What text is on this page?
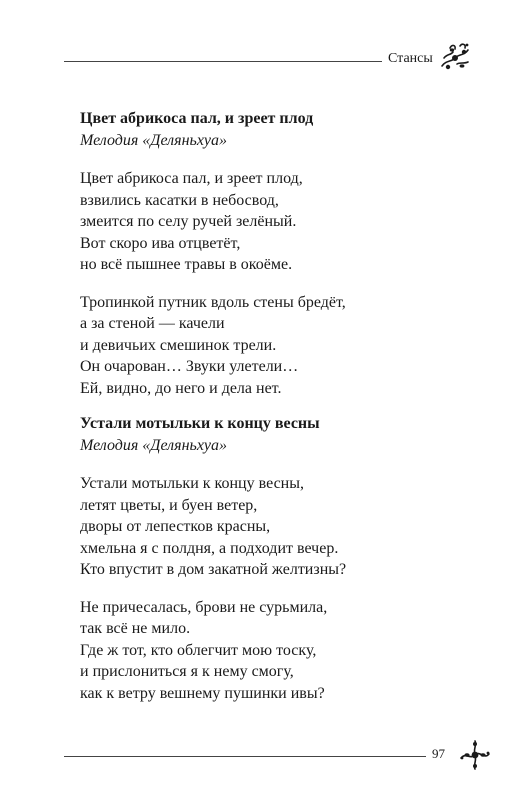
Стансы

Цвет абрикоса пал, и зреет плод

Мелодия «Деляньхуа»

Цвет абрикоса пал, и зреет плод,
взвились касатки в небосвод,
змеится по селу ручей зелёный.
Вот скоро ива отцветёт,
но всё пышнее травы в окоёме.
Тропинкой путник вдоль стены бредёт,
а за стеной — качели
и девичьих смешинок трели.
Он очарован… Звуки улетели…
Ей, видно, до него и дела нет.

Устали мотыльки к концу весны

Мелодия «Деляньхуа»

Устали мотыльки к концу весны,
летят цветы, и буен ветер,
дворы от лепестков красны,
хмельна я с полдня, а подходит вечер.
Кто впустит в дом закатной желтизны?
Не причесалась, брови не сурьмила,
так всё не мило.
Где ж тот, кто облегчит мою тоску,
и прислониться я к нему смогу,
как к ветру вешнему пушинки ивы?
97
